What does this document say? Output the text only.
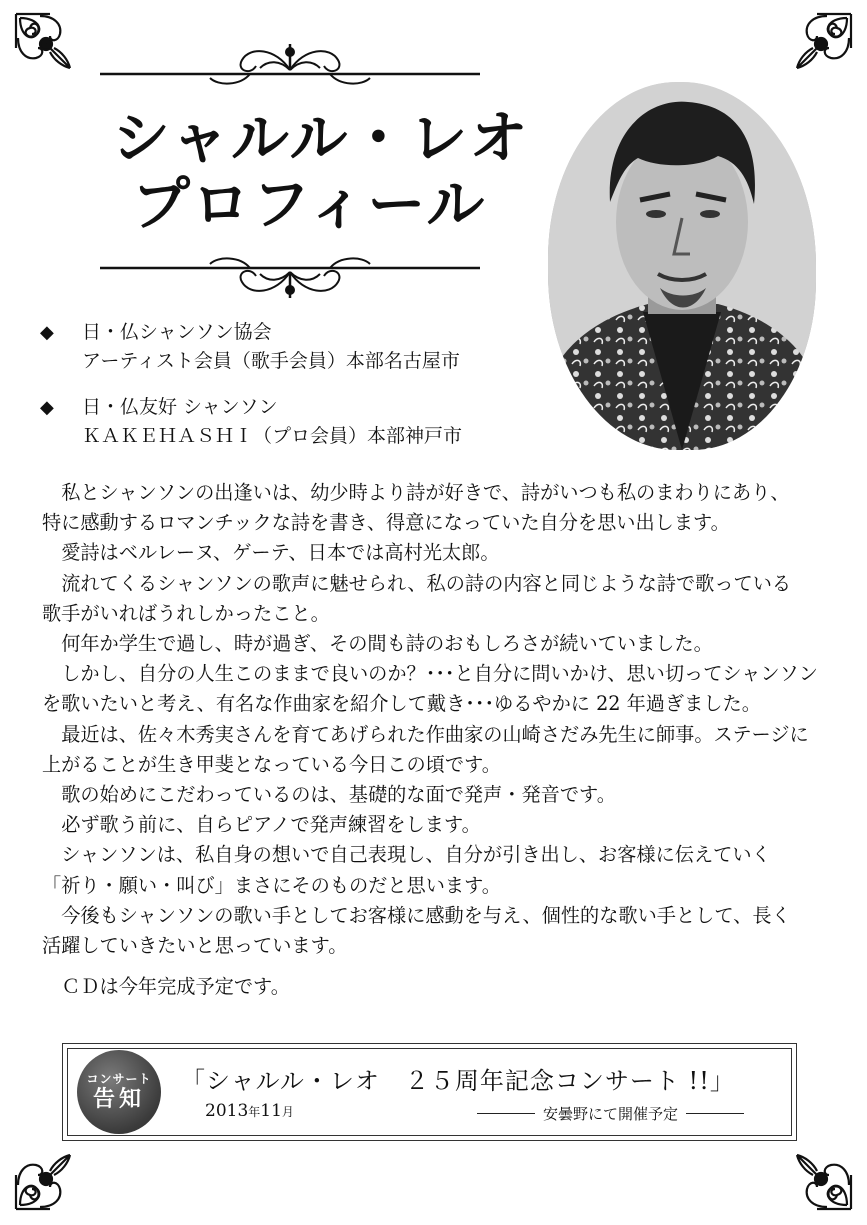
シャルル・レオ
プロフィール
◆	日・仏シャンソン協会
アーティスト会員（歌手会員）本部名古屋市
◆	日・仏友好 シャンソン
ＫＡＫＥＨＡＳＨＩ（プロ会員）本部神戸市

私とシャンソンの出逢いは、幼少時より詩が好きで、詩がいつも私のまわりにあり、

特に感動するロマンチックな詩を書き、得意になっていた自分を思い出します。

愛詩はベルレーヌ、ゲーテ、日本では高村光太郎。

流れてくるシャンソンの歌声に魅せられ、私の詩の内容と同じような詩で歌っている

歌手がいればうれしかったこと。

何年か学生で過し、時が過ぎ、その間も詩のおもしろさが続いていました。

しかし、自分の人生このままで良いのか？･･･と自分に問いかけ、思い切ってシャンソン

を歌いたいと考え、有名な作曲家を紹介して戴き･･･ゆるやかに 22 年過ぎました。

最近は、佐々木秀実さんを育てあげられた作曲家の山崎さだみ先生に師事。ステージに

上がることが生き甲斐となっている今日この頃です。

歌の始めにこだわっているのは、基礎的な面で発声・発音です。

必ず歌う前に、自らピアノで発声練習をします。

シャンソンは、私自身の想いで自己表現し、自分が引き出し、お客様に伝えていく

「祈り・願い・叫び」まさにそのものだと思います。

今後もシャンソンの歌い手としてお客様に感動を与え、個性的な歌い手として、長く

活躍していきたいと思っています。

ＣＤは今年完成予定です。

コンサート
告知
「シャルル・レオ　２５周年記念コンサート !!」
2013年11月	安曇野にて開催予定
